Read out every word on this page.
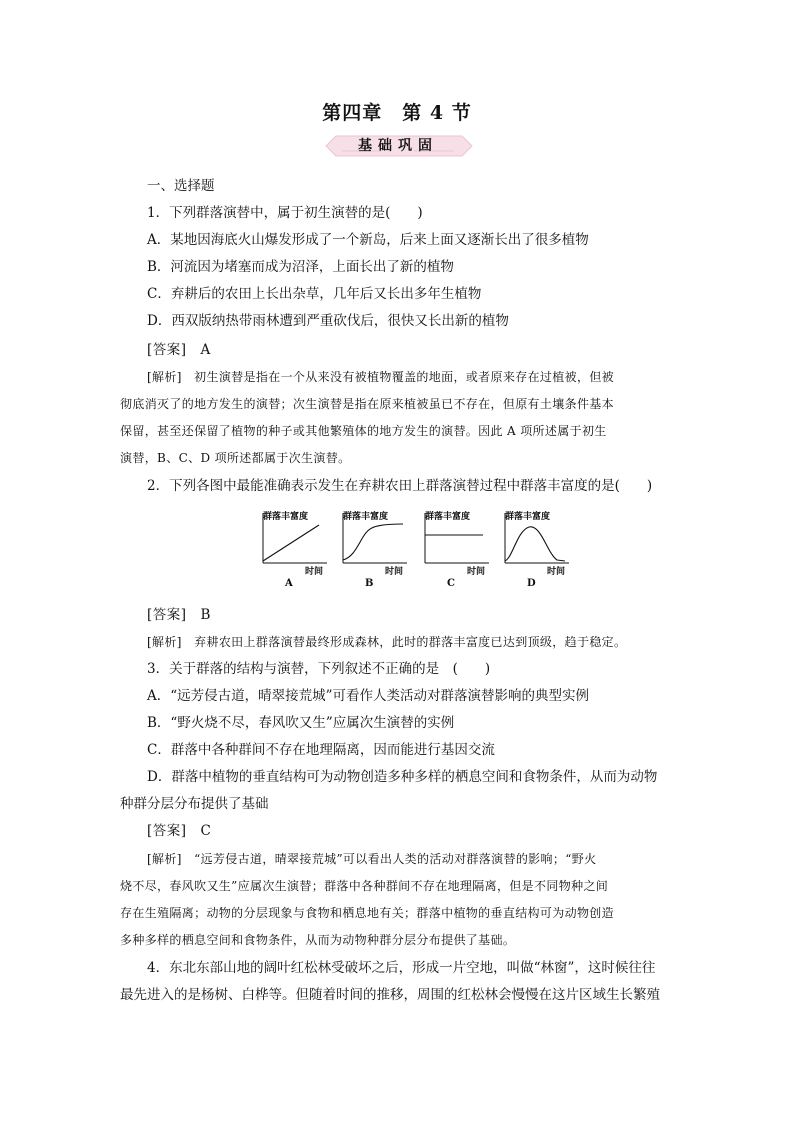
第四章　第 4 节
基础巩固
一、选择题
1．下列群落演替中，属于初生演替的是(　　)
A．某地因海底火山爆发形成了一个新岛，后来上面又逐渐长出了很多植物
B．河流因为堵塞而成为沼泽，上面长出了新的植物
C．弃耕后的农田上长出杂草，几年后又长出多年生植物
D．西双版纳热带雨林遭到严重砍伐后，很快又长出新的植物
[答案]　A
[解析]　初生演替是指在一个从来没有被植物覆盖的地面，或者原来存在过植被，但被
彻底消灭了的地方发生的演替；次生演替是指在原来植被虽已不存在，但原有土壤条件基本
保留，甚至还保留了植物的种子或其他繁殖体的地方发生的演替。因此 A 项所述属于初生
演替，B、C、D 项所述都属于次生演替。
2．下列各图中最能准确表示发生在弃耕农田上群落演替过程中群落丰富度的是(　　)
群落丰富度
时间
A
群落丰富度
时间
B
群落丰富度
时间
C
群落丰富度
时间
D
[答案]　B
[解析]　弃耕农田上群落演替最终形成森林，此时的群落丰富度已达到顶级，趋于稳定。
3．关于群落的结构与演替，下列叙述不正确的是　(　　)
A．“远芳侵古道，晴翠接荒城”可看作人类活动对群落演替影响的典型实例
B．“野火烧不尽，春风吹又生”应属次生演替的实例
C．群落中各种群间不存在地理隔离，因而能进行基因交流
D．群落中植物的垂直结构可为动物创造多种多样的栖息空间和食物条件，从而为动物
种群分层分布提供了基础
[答案]　C
[解析]　“远芳侵古道，晴翠接荒城”可以看出人类的活动对群落演替的影响；“野火
烧不尽，春风吹又生”应属次生演替；群落中各种群间不存在地理隔离，但是不同物种之间
存在生殖隔离；动物的分层现象与食物和栖息地有关；群落中植物的垂直结构可为动物创造
多种多样的栖息空间和食物条件，从而为动物种群分层分布提供了基础。
4．东北东部山地的阔叶红松林受破坏之后，形成一片空地，叫做“林窗”，这时候往往
最先进入的是杨树、白桦等。但随着时间的推移，周围的红松林会慢慢在这片区域生长繁殖
